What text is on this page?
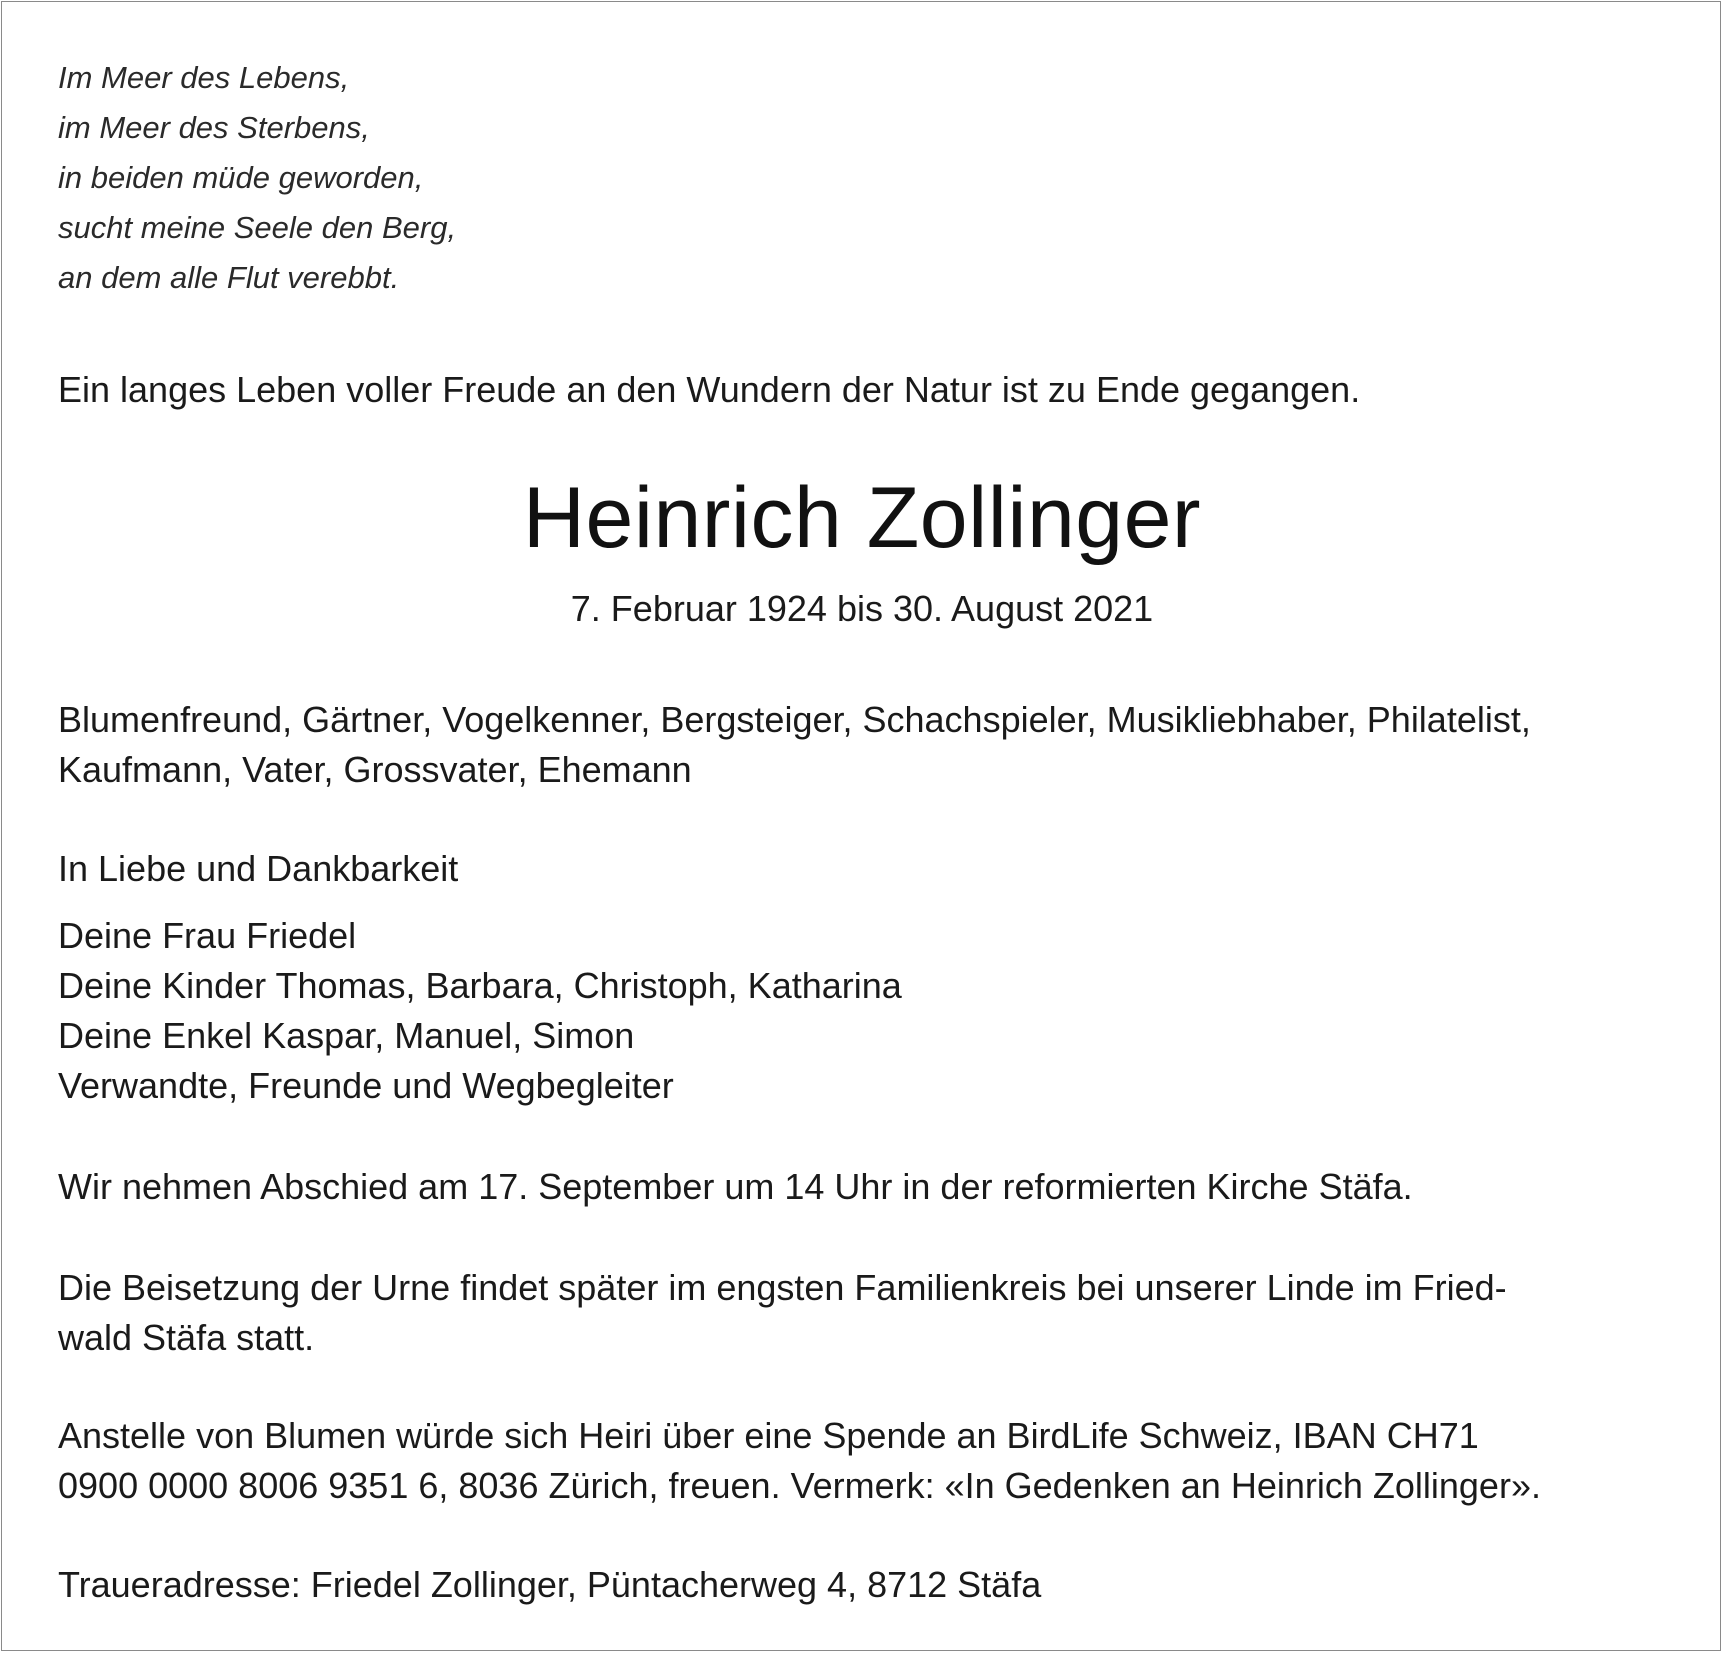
Im Meer des Lebens,
im Meer des Sterbens,
in beiden müde geworden,
sucht meine Seele den Berg,
an dem alle Flut verebbt.
Ein langes Leben voller Freude an den Wundern der Natur ist zu Ende gegangen.
Heinrich Zollinger
7. Februar 1924 bis 30. August 2021
Blumenfreund, Gärtner, Vogelkenner, Bergsteiger, Schachspieler, Musikliebhaber, Philatelist,
Kaufmann, Vater, Grossvater, Ehemann
In Liebe und Dankbarkeit
Deine Frau Friedel
Deine Kinder Thomas, Barbara, Christoph, Katharina
Deine Enkel Kaspar, Manuel, Simon
Verwandte, Freunde und Wegbegleiter
Wir nehmen Abschied am 17. September um 14 Uhr in der reformierten Kirche Stäfa.
Die Beisetzung der Urne findet später im engsten Familienkreis bei unserer Linde im Fried-
wald Stäfa statt.
Anstelle von Blumen würde sich Heiri über eine Spende an BirdLife Schweiz, IBAN CH71
0900 0000 8006 9351 6, 8036 Zürich, freuen. Vermerk: «In Gedenken an Heinrich Zollinger».
Traueradresse: Friedel Zollinger, Püntacherweg 4, 8712 Stäfa
